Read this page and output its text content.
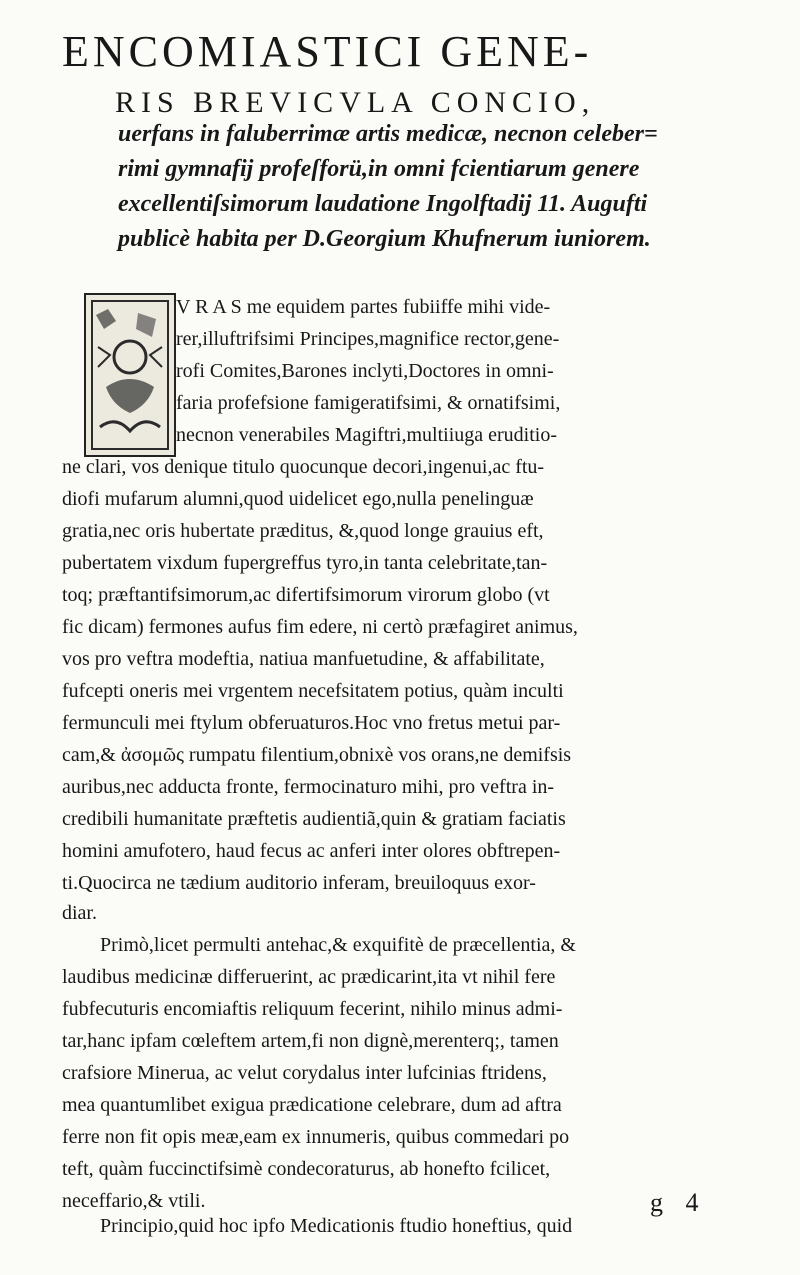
ENCOMIASTICI GENE-
RIS BREVICVLA CONCIO,
uerfans in faluberrimæ artis medicæ, necnon celeber=
rimi gymnafij profeſforü,in omni fcientiarum genere
excellentiſsimorum laudatione Ingolftadij 11. Augufti
publicè habita per D.Georgium Khufnerum iuniorem.
V R A S me equidem partes fubiiffe mihi vide-
rer,illuftrifsimi Principes,magnifice rector,gene-
rofi Comites,Barones inclyti,Doctores in omni-
faria profefsione famigeratifsimi, & ornatifsimi,
necnon venerabiles Magiftri,multiiuga eruditio-
ne clari, vos denique titulo quocunque decori,ingenui,ac ftu-
diofi mufarum alumni,quod uidelicet ego,nulla penelinguæ
gratia,nec oris hubertate præditus, &,quod longe grauius eft,
pubertatem vixdum fupergreffus tyro,in tanta celebritate,tan-
toq; præftantifsimorum,ac difertifsimorum virorum globo (vt
fic dicam) fermones aufus fim edere, ni certò præfagiret animus,
vos pro veftra modeftia, natiua manfuetudine, & affabilitate,
fufcepti oneris mei vrgentem necefsitatem potius, quàm inculti
fermunculi mei ftylum obferuaturos.Hoc vno fretus metui par-
cam,& ἀσομῶς rumpatu filentium,obnixè vos orans,ne demifsis
auribus,nec adducta fronte, fermocinaturo mihi, pro veftra in-
credibili humanitate præftetis audientiã,quin & gratiam faciatis
homini amufotero, haud fecus ac anferi inter olores obftrepen-
ti.Quocirca ne tædium auditorio inferam, breuiloquus exor-
diar.
Primò,licet permulti antehac,& exquifitè de præcellentia, &
laudibus medicinæ differuerint, ac prædicarint,ita vt nihil fere
fubfecuturis encomiaftis reliquum fecerint, nihilo minus admi-
tar,hanc ipfam cœleftem artem,fi non dignè,merenterq;, tamen
crafsiore Minerua, ac velut corydalus inter lufcinias ftridens,
mea quantumlibet exigua prædicatione celebrare, dum ad aftra
ferre non fit opis meæ,eam ex innumeris, quibus commedari po
teft, quàm fuccinctifsimè condecoraturus, ab honefto fcilicet,
neceffario,& vtili.
Principio,quid hoc ipfo Medicationis ftudio honeftius, quid
g 4
